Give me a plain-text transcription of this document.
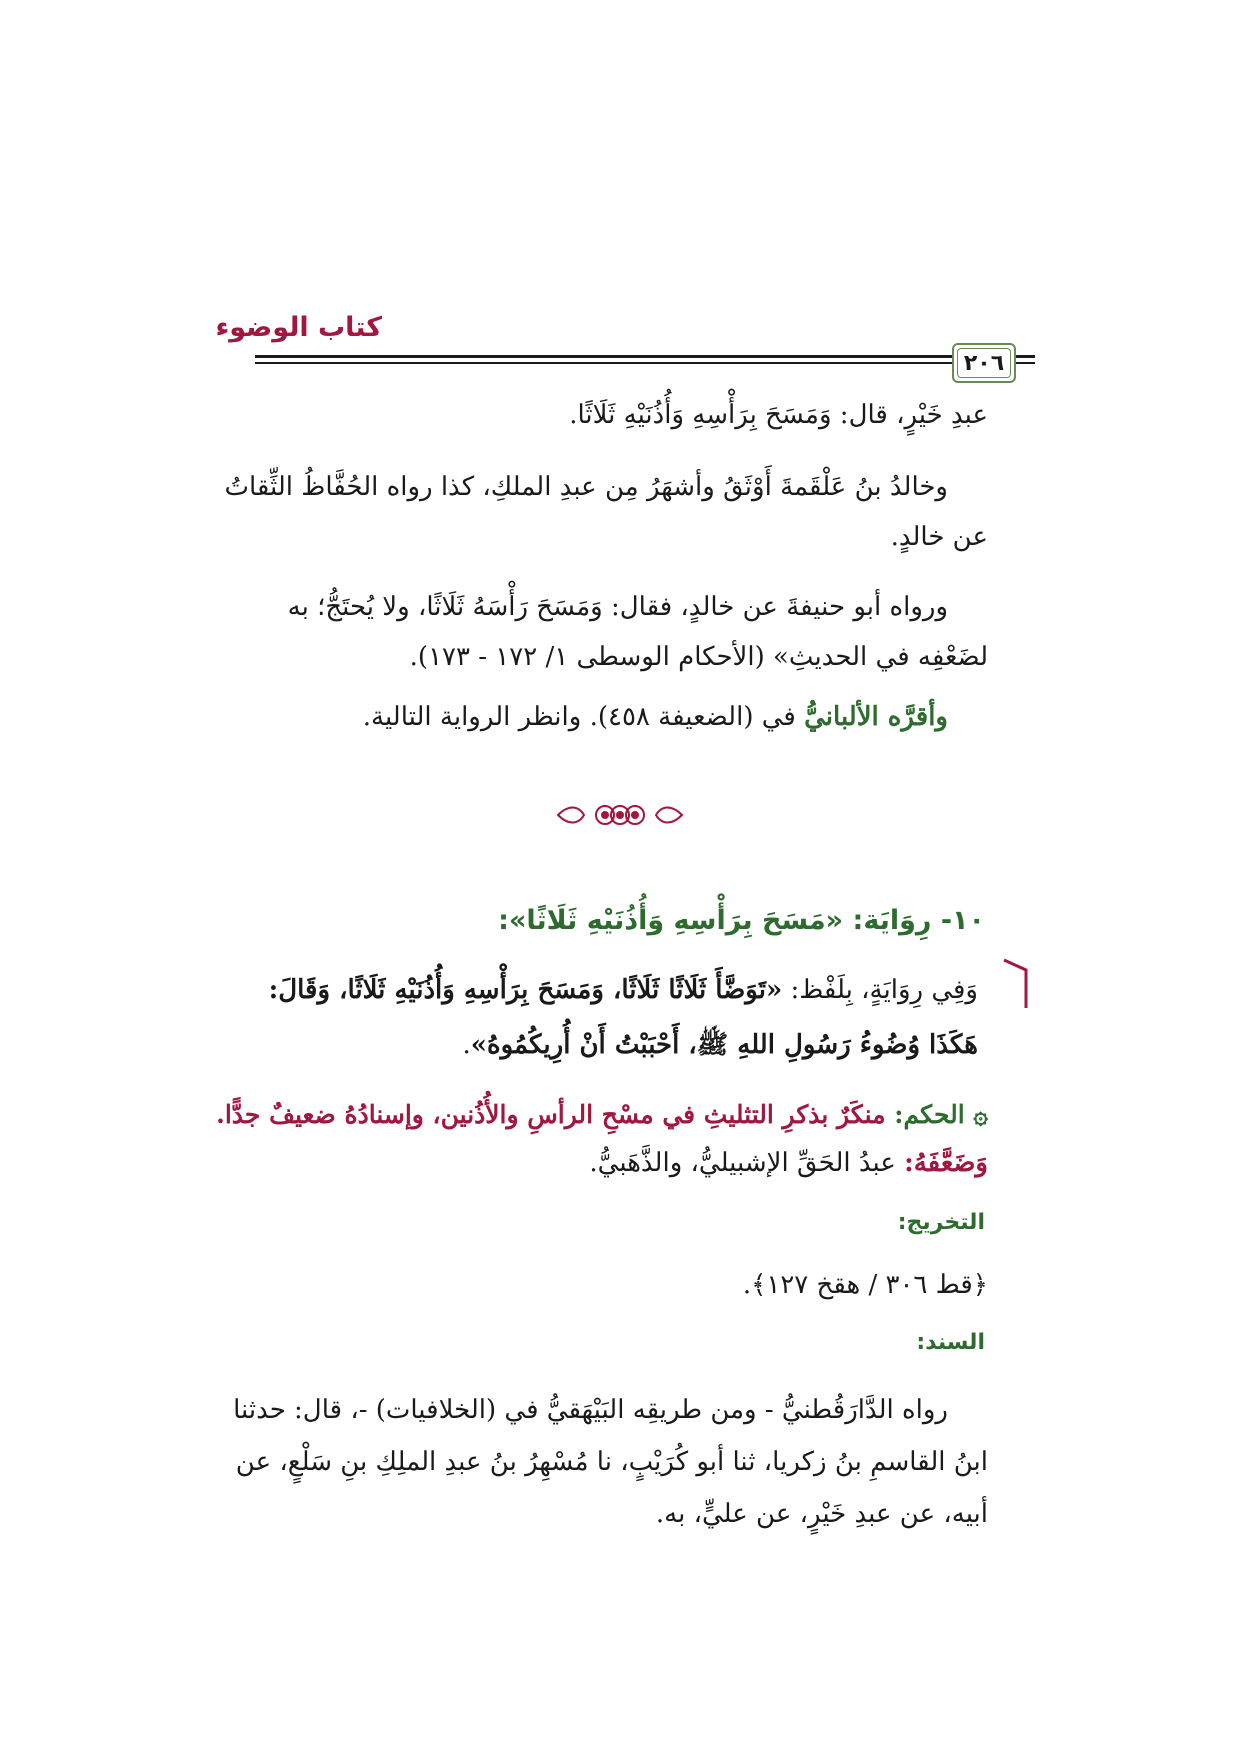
كتاب الوضوء
٢٠٦
عبدِ خَيْرٍ، قال: وَمَسَحَ بِرَأْسِهِ وَأُذُنَيْهِ ثَلَاثًا.
وخالدُ بنُ عَلْقَمةَ أَوْثَقُ وأشهَرُ مِن عبدِ الملكِ، كذا رواه الحُفَّاظُ الثِّقاتُ
عن خالدٍ.
ورواه أبو حنيفةَ عن خالدٍ، فقال: وَمَسَحَ رَأْسَهُ ثَلَاثًا، ولا يُحتَجُّ؛ به
لضَعْفِه في الحديثِ» (الأحكام الوسطى ١/ ١٧٢ - ١٧٣).
وأقرَّه الألبانيُّ في (الضعيفة ٤٥٨). وانظر الرواية التالية.
١٠- رِوَايَة: «مَسَحَ بِرَأْسِهِ وَأُذُنَيْهِ ثَلَاثًا»:
وَفِي رِوَايَةٍ، بِلَفْظ: «تَوَضَّأَ ثَلَاثًا ثَلَاثًا، وَمَسَحَ بِرَأْسِهِ وَأُذُنَيْهِ ثَلَاثًا، وَقَالَ:
هَكَذَا وُضُوءُ رَسُولِ اللهِ ﷺ، أَحْبَبْتُ أَنْ أُرِيكُمُوهُ».
۞ الحكم: منكَرٌ بذكرِ التثليثِ في مسْحِ الرأسِ والأُذُنين، وإسنادُهُ ضعيفٌ جدًّا.
وَضَعَّفَهُ: عبدُ الحَقِّ الإشبيليُّ، والذَّهَبيُّ.
التخريج:
﴿قط ٣٠٦ / هقخ ١٢٧﴾.
السند:
رواه الدَّارَقُطنيُّ - ومن طريقِه البَيْهَقيُّ في (الخلافيات) -، قال: حدثنا
ابنُ القاسمِ بنُ زكريا، ثنا أبو كُرَيْبٍ، نا مُسْهِرُ بنُ عبدِ الملِكِ بنِ سَلْعٍ، عن
أبيه، عن عبدِ خَيْرٍ، عن عليٍّ، به.
